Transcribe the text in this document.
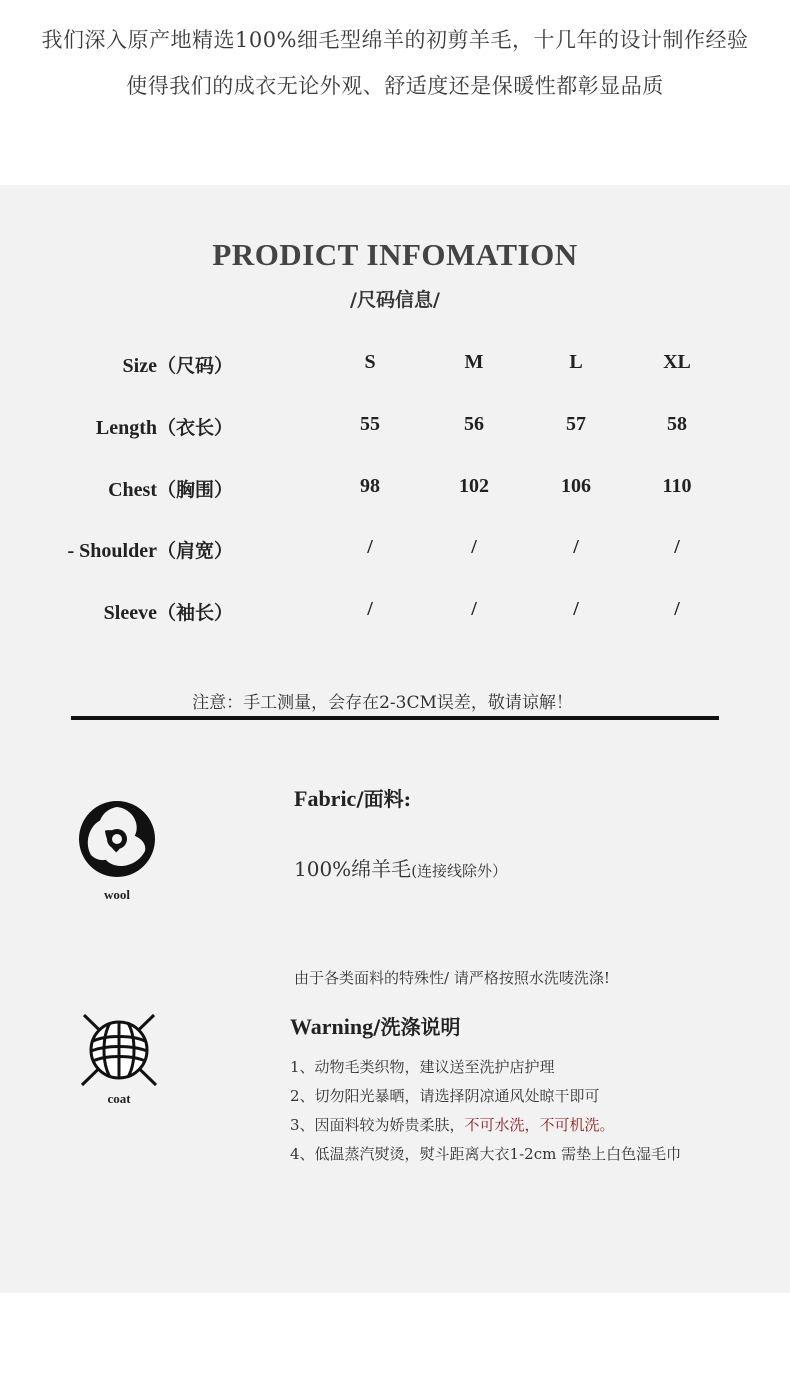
我们深入原产地精选100%细毛型绵羊的初剪羊毛，十几年的设计制作经验
使得我们的成衣无论外观、舒适度还是保暖性都彰显品质
PRODICT INFOMATION
/尺码信息/
Size（尺码）	S	M	L	XL
Length（衣长）	55	56	57	58
Chest（胸围）	98	102	106	110
- Shoulder（肩宽）	/	/	/	/
Sleeve（袖长）	/	/	/	/
注意：手工测量，会存在2-3CM误差，敬请谅解！
wool
Fabric/面料:
100%绵羊毛(连接线除外）
由于各类面料的特殊性/ 请严格按照水洗唛洗涤!
coat
Warning/洗涤说明
1、动物毛类织物，建议送至洗护店护理
2、切勿阳光暴晒，请选择阴凉通风处晾干即可
3、因面料较为娇贵柔肤，不可水洗，不可机洗。
4、低温蒸汽熨烫，熨斗距离大衣1-2cm 需垫上白色湿毛巾
